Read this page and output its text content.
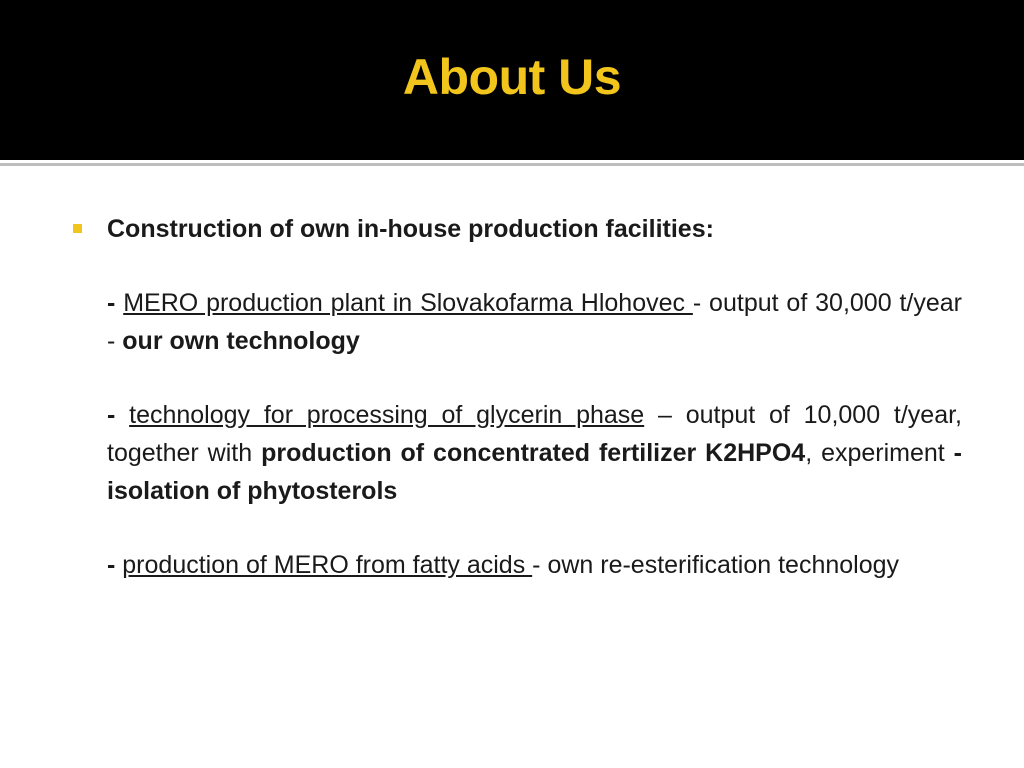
About Us

Construction of own in-house production facilities:

- MERO production plant in Slovakofarma Hlohovec - output of 30,000 t/year - our own technology

- technology for processing of glycerin phase – output of 10,000 t/year, together with production of concentrated fertilizer K2HPO4, experiment - isolation of phytosterols

- production of MERO from fatty acids - own re-esterification technology
